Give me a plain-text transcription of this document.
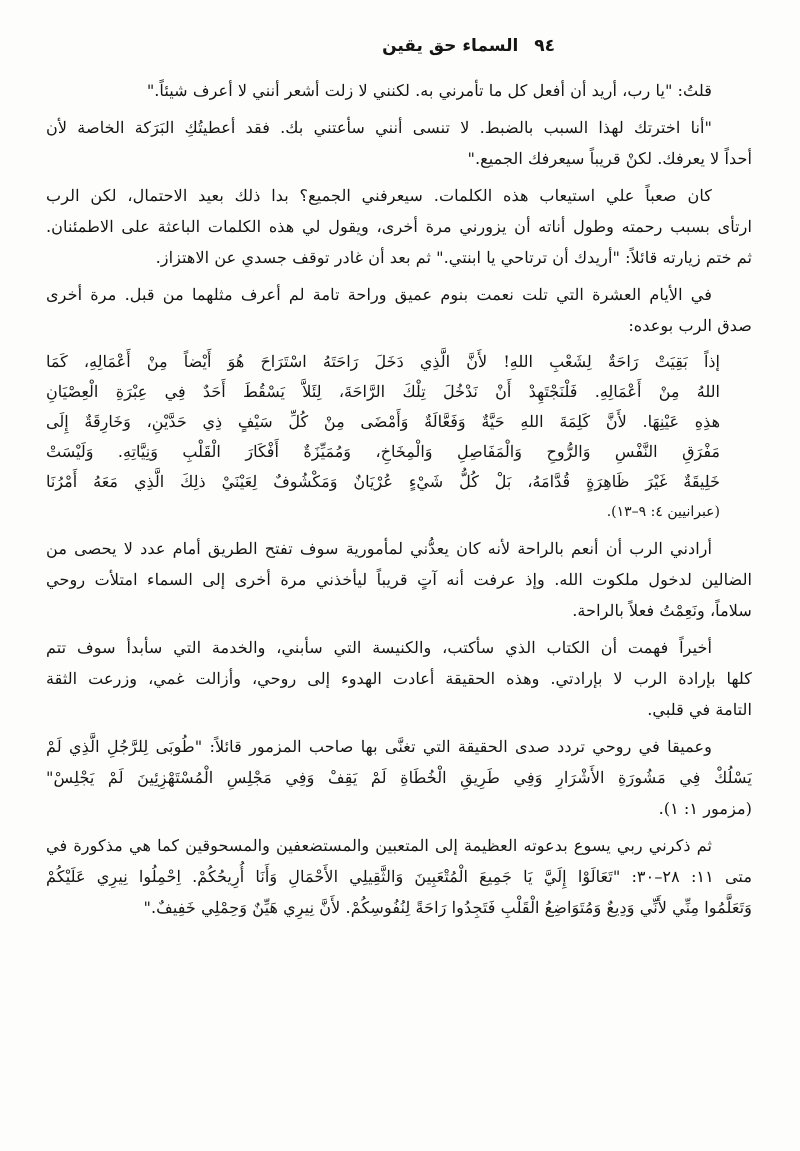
٩٤ السماء حق يقين

قلتُ: "يا رب، أريد أن أفعل كل ما تأمرني به. لكنني لا زلت أشعر أنني لا أعرف شيئاً."

"أنا اخترتك لهذا السبب بالضبط. لا تنسى أنني سأعتني بك. فقد أعطيتُكِ البَرَكة الخاصة لأن
أحداً لا يعرفك. لكنْ قريباً سيعرفك الجميع."

كان صعباً علي استيعاب هذه الكلمات. سيعرفني الجميع؟ بدا ذلك بعيد الاحتمال، لكن الرب
ارتأى بسبب رحمته وطول أناته أن يزورني مرة أخرى، ويقول لي هذه الكلمات الباعثة على الاطمئنان.
ثم ختم زيارته قائلاً: "أريدك أن ترتاحي يا ابنتي." ثم بعد أن غادر توقف جسدي عن الاهتزاز.

في الأيام العشرة التي تلت نعمت بنوم عميق وراحة تامة لم أعرف مثلهما من قبل. مرة أخرى
صدق الرب بوعده:

إذاً بَقِيَتْ رَاحَةٌ لِشَعْبِ اللهِ! لأَنَّ الَّذِي دَخَلَ رَاحَتَهُ اسْتَرَاحَ هُوَ أَيْضاً مِنْ أَعْمَالِهِ، كَمَا
اللهُ مِنْ أَعْمَالِهِ. فَلْنَجْتَهِدْ أَنْ نَدْخُلَ تِلْكَ الرَّاحَةَ، لِئَلاَّ يَسْقُطَ أَحَدٌ فِي عِبْرَةِ الْعِصْيَانِ
هذِهِ عَيْنِهَا. لأَنَّ كَلِمَةَ اللهِ حَيَّةٌ وَفَعَّالَةٌ وَأَمْضَى مِنْ كُلِّ سَيْفٍ ذِي حَدَّيْنِ، وَخَارِقَةٌ إِلَى
مَفْرَقِ النَّفْسِ وَالرُّوحِ وَالْمَفَاصِلِ وَالْمِخَاخِ، وَمُمَيِّزَةٌ أَفْكَارَ الْقَلْبِ وَنِيَّاتِهِ. وَلَيْسَتْ
خَلِيقَةٌ غَيْرَ ظَاهِرَةٍ قُدَّامَهُ، بَلْ كُلُّ شَيْءٍ عُرْيَانٌ وَمَكْشُوفٌ لِعَيْنَيْ ذلِكَ الَّذِي مَعَهُ أَمْرُنَا
(عبرانيين ٤: ٩–١٣).

أرادني الرب أن أنعم بالراحة لأنه كان يعدُّني لمأمورية سوف تفتح الطريق أمام عدد لا يحصى من
الضالين لدخول ملكوت الله. وإذ عرفت أنه آتٍ قريباً ليأخذني مرة أخرى إلى السماء امتلأت روحي
سلاماً، ونَعِمْتُ فعلاً بالراحة.

أخيراً فهمت أن الكتاب الذي سأكتب، والكنيسة التي سأبني، والخدمة التي سأبدأ سوف تتم
كلها بإرادة الرب لا بإرادتي. وهذه الحقيقة أعادت الهدوء إلى روحي، وأزالت غمي، وزرعت الثقة
التامة في قلبي.

وعميقا في روحي تردد صدى الحقيقة التي تغنَّى بها صاحب المزمور قائلاً: "طُوبَى لِلرَّجُلِ الَّذِي لَمْ
يَسْلُكْ فِي مَشُورَةِ الأَشْرَارِ وَفِي طَرِيقِ الْخُطَاةِ لَمْ يَقِفْ وَفِي مَجْلِسِ الْمُسْتَهْزِئِينَ لَمْ يَجْلِسْ"
(مزمور ١: ١).

ثم ذكرني ربي يسوع بدعوته العظيمة إلى المتعبين والمستضعفين والمسحوقين كما هي مذكورة في
متى ١١: ٢٨–٣٠: "تَعَالَوْا إِلَيَّ يَا جَمِيعَ الْمُتْعَبِينَ وَالثَّقِيلِي الأَحْمَالِ وَأَنَا أُرِيحُكُمْ. اِحْمِلُوا نِيرِي عَلَيْكُمْ
وَتَعَلَّمُوا مِنِّي لأَنِّي وَدِيعٌ وَمُتَوَاضِعُ الْقَلْبِ فَتَجِدُوا رَاحَةً لِنُفُوسِكُمْ. لأَنَّ نِيرِي هَيِّنٌ وَحِمْلِي خَفِيفٌ."
